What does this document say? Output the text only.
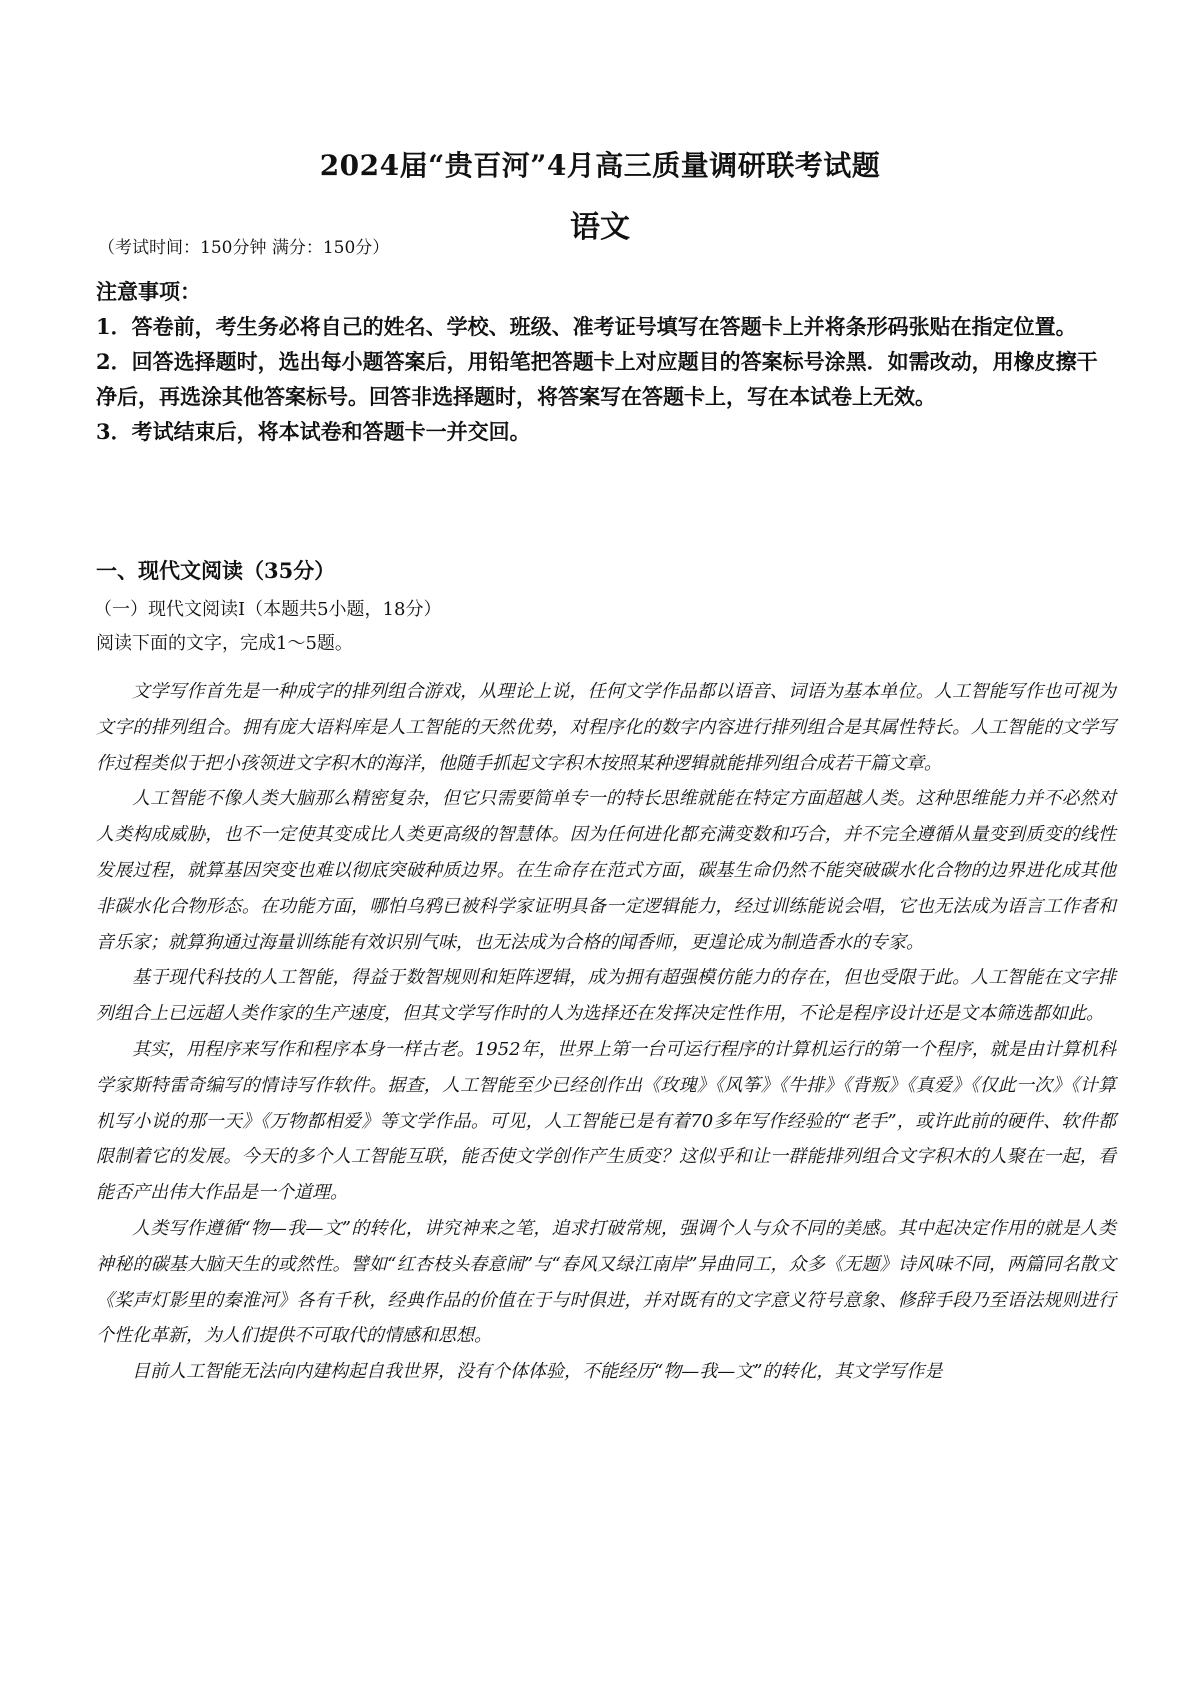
2024届“贵百河”4月高三质量调研联考试题
语文
（考试时间：150分钟 满分：150分）

注意事项：

1．答卷前，考生务必将自己的姓名、学校、班级、准考证号填写在答题卡上并将条形码张贴在指定位置。

2．回答选择题时，选出每小题答案后，用铅笔把答题卡上对应题目的答案标号涂黑．如需改动，用橡皮擦干净后，再选涂其他答案标号。回答非选择题时，将答案写在答题卡上，写在本试卷上无效。

3．考试结束后，将本试卷和答题卡一并交回。

一、现代文阅读（35分）
（一）现代文阅读Ⅰ（本题共5小题，18分）
阅读下面的文字，完成1～5题。

文学写作首先是一种成字的排列组合游戏，从理论上说，任何文学作品都以语音、词语为基本单位。人工智能写作也可视为文字的排列组合。拥有庞大语料库是人工智能的天然优势，对程序化的数字内容进行排列组合是其属性特长。人工智能的文学写作过程类似于把小孩领进文字积木的海洋，他随手抓起文字积木按照某种逻辑就能排列组合成若干篇文章。

人工智能不像人类大脑那么精密复杂，但它只需要简单专一的特长思维就能在特定方面超越人类。这种思维能力并不必然对人类构成威胁，也不一定使其变成比人类更高级的智慧体。因为任何进化都充满变数和巧合，并不完全遵循从量变到质变的线性发展过程，就算基因突变也难以彻底突破种质边界。在生命存在范式方面，碳基生命仍然不能突破碳水化合物的边界进化成其他非碳水化合物形态。在功能方面，哪怕乌鸦已被科学家证明具备一定逻辑能力，经过训练能说会唱，它也无法成为语言工作者和音乐家；就算狗通过海量训练能有效识别气味，也无法成为合格的闻香师，更遑论成为制造香水的专家。

基于现代科技的人工智能，得益于数智规则和矩阵逻辑，成为拥有超强模仿能力的存在，但也受限于此。人工智能在文字排列组合上已远超人类作家的生产速度，但其文学写作时的人为选择还在发挥决定性作用，不论是程序设计还是文本筛选都如此。

其实，用程序来写作和程序本身一样古老。1952年，世界上第一台可运行程序的计算机运行的第一个程序，就是由计算机科学家斯特雷奇编写的情诗写作软件。据查，人工智能至少已经创作出《玫瑰》《风筝》《牛排》《背叛》《真爱》《仅此一次》《计算机写小说的那一天》《万物都相爱》等文学作品。可见，人工智能已是有着70多年写作经验的“老手”，或许此前的硬件、软件都限制着它的发展。今天的多个人工智能互联，能否使文学创作产生质变？这似乎和让一群能排列组合文字积木的人聚在一起，看能否产出伟大作品是一个道理。

人类写作遵循“物—我—文”的转化，讲究神来之笔，追求打破常规，强调个人与众不同的美感。其中起决定作用的就是人类神秘的碳基大脑天生的或然性。譬如“红杏枝头春意闹”与“春风又绿江南岸”异曲同工，众多《无题》诗风味不同，两篇同名散文《桨声灯影里的秦淮河》各有千秋，经典作品的价值在于与时俱进，并对既有的文字意义符号意象、修辞手段乃至语法规则进行个性化革新，为人们提供不可取代的情感和思想。

目前人工智能无法向内建构起自我世界，没有个体体验，不能经历“物—我—文”的转化，其文学写作是
